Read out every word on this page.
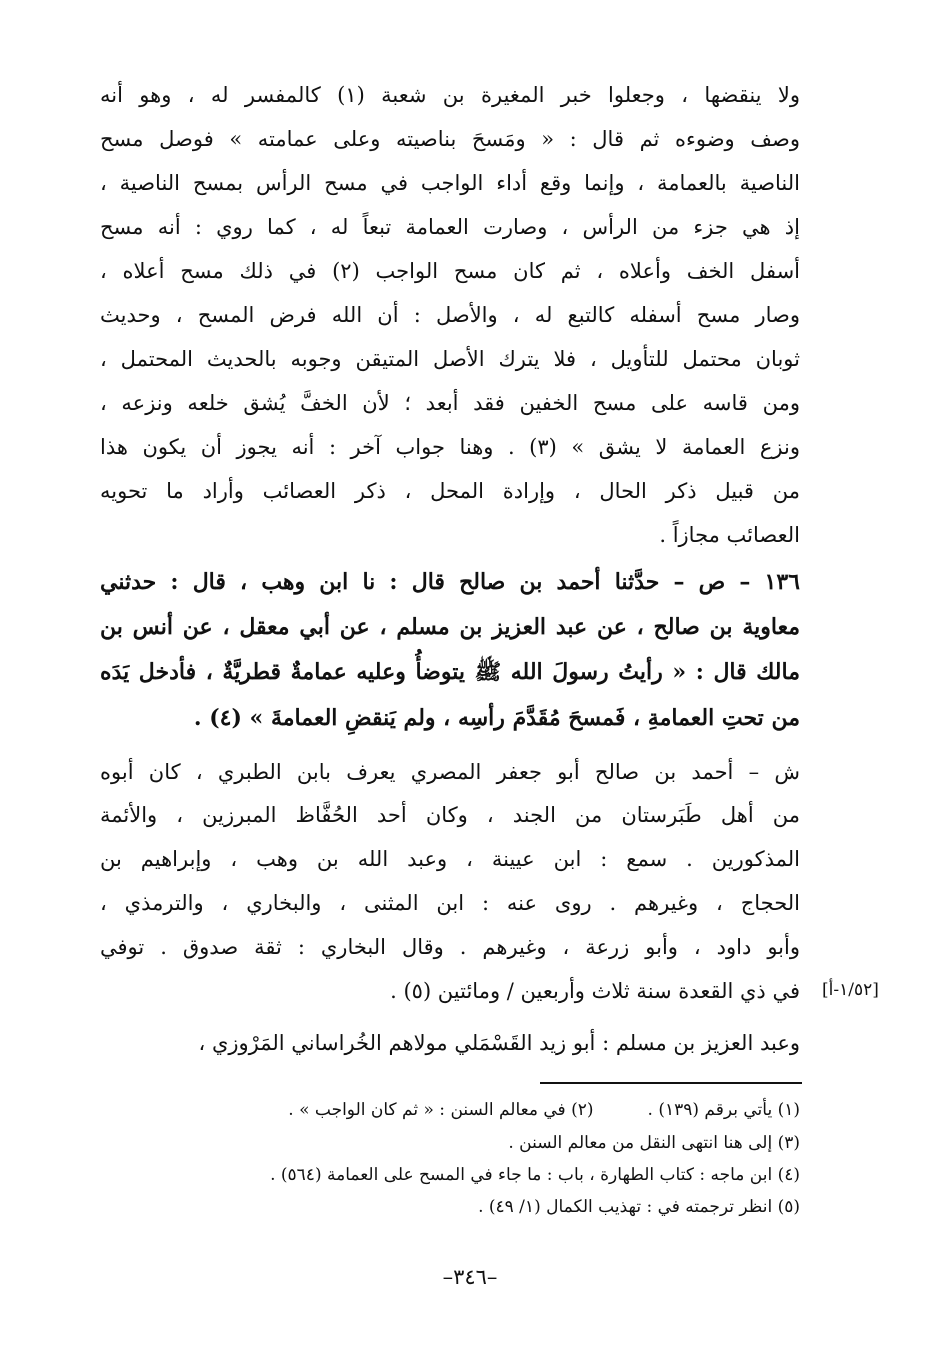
ولا ينقضها ، وجعلوا خبر المغيرة بن شعبة (١) كالمفسر له ، وهو أنه
وصف وضوءه ثم قال : « ومَسحَ بناصيته وعلى عمامته » فوصل مسح
الناصية بالعمامة ، وإنما وقع أداء الواجب في مسح الرأس بمسح الناصية ،
إذ هي جزء من الرأس ، وصارت العمامة تبعاً له ، كما روي : أنه مسح
أسفل الخف وأعلاه ، ثم كان مسح الواجب (٢) في ذلك مسح أعلاه ،
وصار مسح أسفله كالتبع له ، والأصل : أن الله فرض المسح ، وحديث
ثوبان محتمل للتأويل ، فلا يترك الأصل المتيقن وجوبه بالحديث المحتمل ،
ومن قاسه على مسح الخفين فقد أبعد ؛ لأن الخفَّ يُشق خلعه ونزعه ،
ونزع العمامة لا يشق » (٣) . وهنا جواب آخر : أنه يجوز أن يكون هذا
من قبيل ذكر الحال ، وإرادة المحل ، ذكر العصائب وأراد ما تحويه
العصائب مجازاً .
١٣٦ – ص – حدَّثنا أحمد بن صالح قال : نا ابن وهب ، قال : حدثني
معاوية بن صالح ، عن عبد العزيز بن مسلم ، عن أبي معقل ، عن أنس بن
مالك قال : « رأيتُ رسولَ الله ﷺ يتوضأُ وعليه عمامةٌ قطريَّةٌ ، فأدخل يَدَه
من تحتِ العمامةِ ، فَمسحَ مُقَدَّمَ رأسِه ، ولم يَنقضِ العمامةَ » (٤) .
ش – أحمد بن صالح أبو جعفر المصري يعرف بابن الطبري ، كان أبوه
من أهل طَبَرستان من الجند ، وكان أحد الحُفَّاظ المبرزين ، والأئمة
المذكورين . سمع : ابن عيينة ، وعبد الله بن وهب ، وإبراهيم بن
الحجاج ، وغيرهم . روى عنه : ابن المثنى ، والبخاري ، والترمذي ،
وأبو داود ، وأبو زرعة ، وغيرهم . وقال البخاري : ثقة صدوق . توفي
في ذي القعدة سنة ثلاث وأربعين / ومائتين (٥) .
وعبد العزيز بن مسلم : أبو زيد القَسْمَلي مولاهم الخُراساني المَرْوزي ،
[١/٥٢-أ]
(١) يأتي برقم (١٣٩) .          (٢) في معالم السنن : « ثم كان الواجب » .
(٣) إلى هنا انتهى النقل من معالم السنن .
(٤) ابن ماجه : كتاب الطهارة ، باب : ما جاء في المسح على العمامة (٥٦٤) .
(٥) انظر ترجمته في : تهذيب الكمال (١/ ٤٩) .
–٣٤٦–
